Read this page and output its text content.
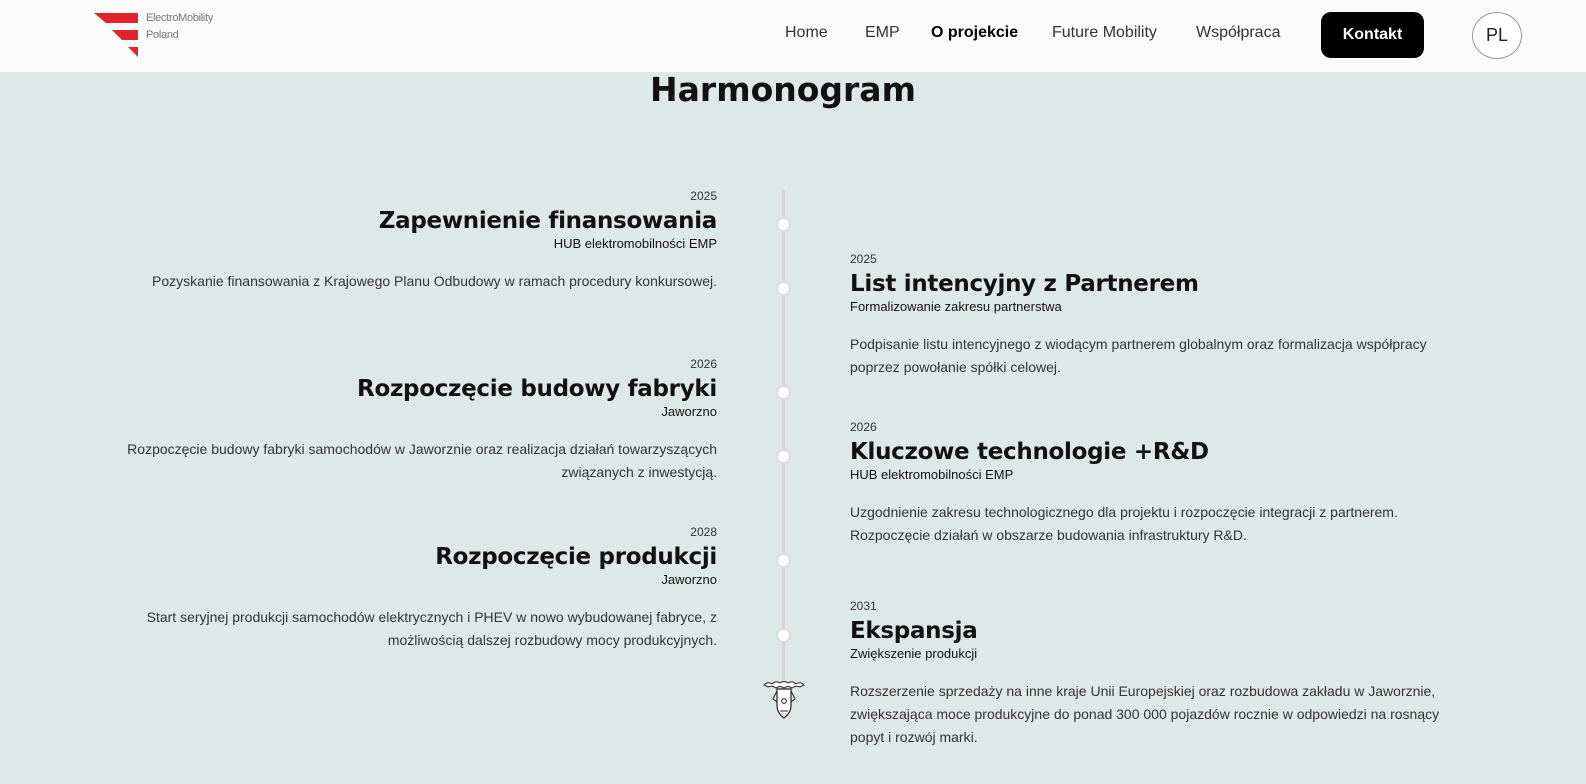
ElectroMobility
Poland	Home EMP O projekcie Future Mobility Współpraca	Kontakt	PL
Harmonogram
2025
Zapewnienie finansowania
HUB elektromobilności EMP
Pozyskanie finansowania z Krajowego Planu Odbudowy w ramach procedury konkursowej.
2026
Rozpoczęcie budowy fabryki
Jaworzno
Rozpoczęcie budowy fabryki samochodów w Jaworznie oraz realizacja działań towarzyszących związanych z inwestycją.
2028
Rozpoczęcie produkcji
Jaworzno
Start seryjnej produkcji samochodów elektrycznych i PHEV w nowo wybudowanej fabryce, z możliwością dalszej rozbudowy mocy produkcyjnych.
2025
List intencyjny z Partnerem
Formalizowanie zakresu partnerstwa
Podpisanie listu intencyjnego z wiodącym partnerem globalnym oraz formalizacja współpracy poprzez powołanie spółki celowej.
2026
Kluczowe technologie +R&D
HUB elektromobilności EMP
Uzgodnienie zakresu technologicznego dla projektu i rozpoczęcie integracji z partnerem. Rozpoczęcie działań w obszarze budowania infrastruktury R&D.
2031
Ekspansja
Zwiększenie produkcji
Rozszerzenie sprzedaży na inne kraje Unii Europejskiej oraz rozbudowa zakładu w Jaworznie, zwiększająca moce produkcyjne do ponad 300 000 pojazdów rocznie w odpowiedzi na rosnący popyt i rozwój marki.
